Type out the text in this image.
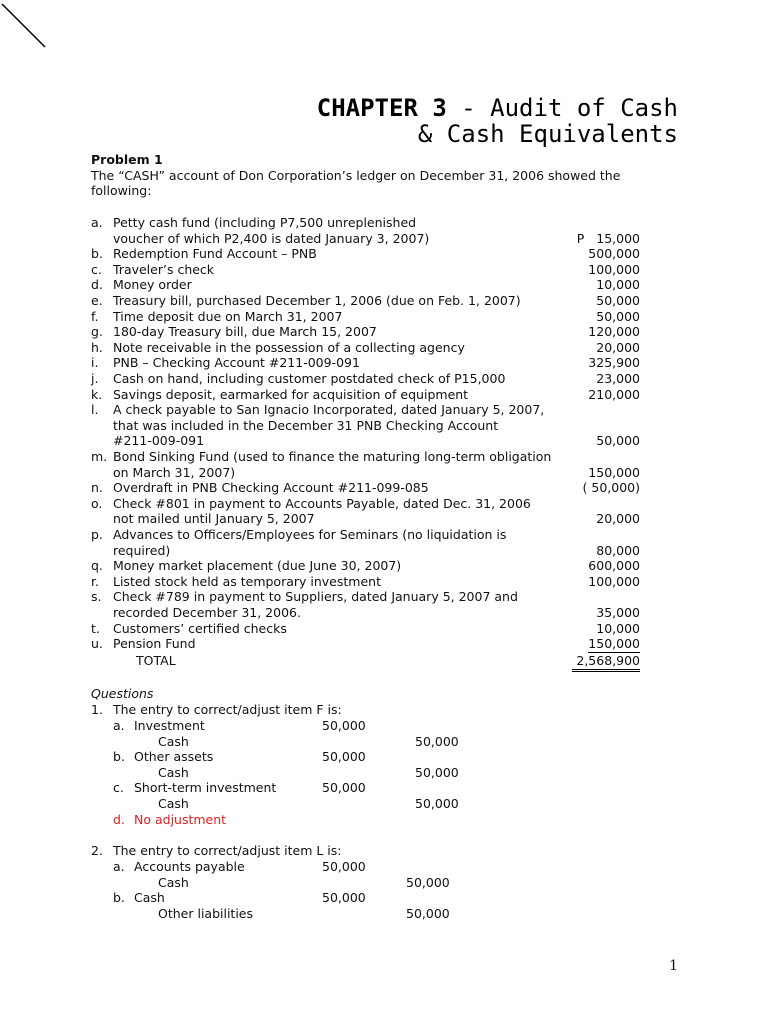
CHAPTER 3 - Audit of Cash
& Cash Equivalents
Problem 1
The “CASH” account of Don Corporation’s ledger on December 31, 2006 showed the
following:
a. Petty cash fund (including P7,500 unreplenished
voucher of which P2,400 is dated January 3, 2007)	P   15,000
b. Redemption Fund Account – PNB	500,000
c. Traveler’s check	100,000
d. Money order	10,000
e. Treasury bill, purchased December 1, 2006 (due on Feb. 1, 2007)	50,000
f. Time deposit due on March 31, 2007	50,000
g. 180-day Treasury bill, due March 15, 2007	120,000
h. Note receivable in the possession of a collecting agency	20,000
i. PNB – Checking Account #211-009-091	325,900
j. Cash on hand, including customer postdated check of P15,000	23,000
k. Savings deposit, earmarked for acquisition of equipment	210,000
l. A check payable to San Ignacio Incorporated, dated January 5, 2007,
that was included in the December 31 PNB Checking Account
#211-009-091	50,000
m. Bond Sinking Fund (used to finance the maturing long-term obligation
on March 31, 2007)	150,000
n. Overdraft in PNB Checking Account #211-099-085	( 50,000)
o. Check #801 in payment to Accounts Payable, dated Dec. 31, 2006
not mailed until January 5, 2007	20,000
p. Advances to Officers/Employees for Seminars (no liquidation is
required)	80,000
q. Money market placement (due June 30, 2007)	600,000
r. Listed stock held as temporary investment	100,000
s. Check #789 in payment to Suppliers, dated January 5, 2007 and
recorded December 31, 2006.	35,000
t. Customers’ certified checks	10,000
u. Pension Fund	150,000
TOTAL	2,568,900
Questions
1. The entry to correct/adjust item F is:
a. Investment	50,000
Cash	50,000
b. Other assets	50,000
Cash	50,000
c. Short-term investment	50,000
Cash	50,000
d. No adjustment
2. The entry to correct/adjust item L is:
a. Accounts payable	50,000
Cash	50,000
b. Cash	50,000
Other liabilities	50,000
1
